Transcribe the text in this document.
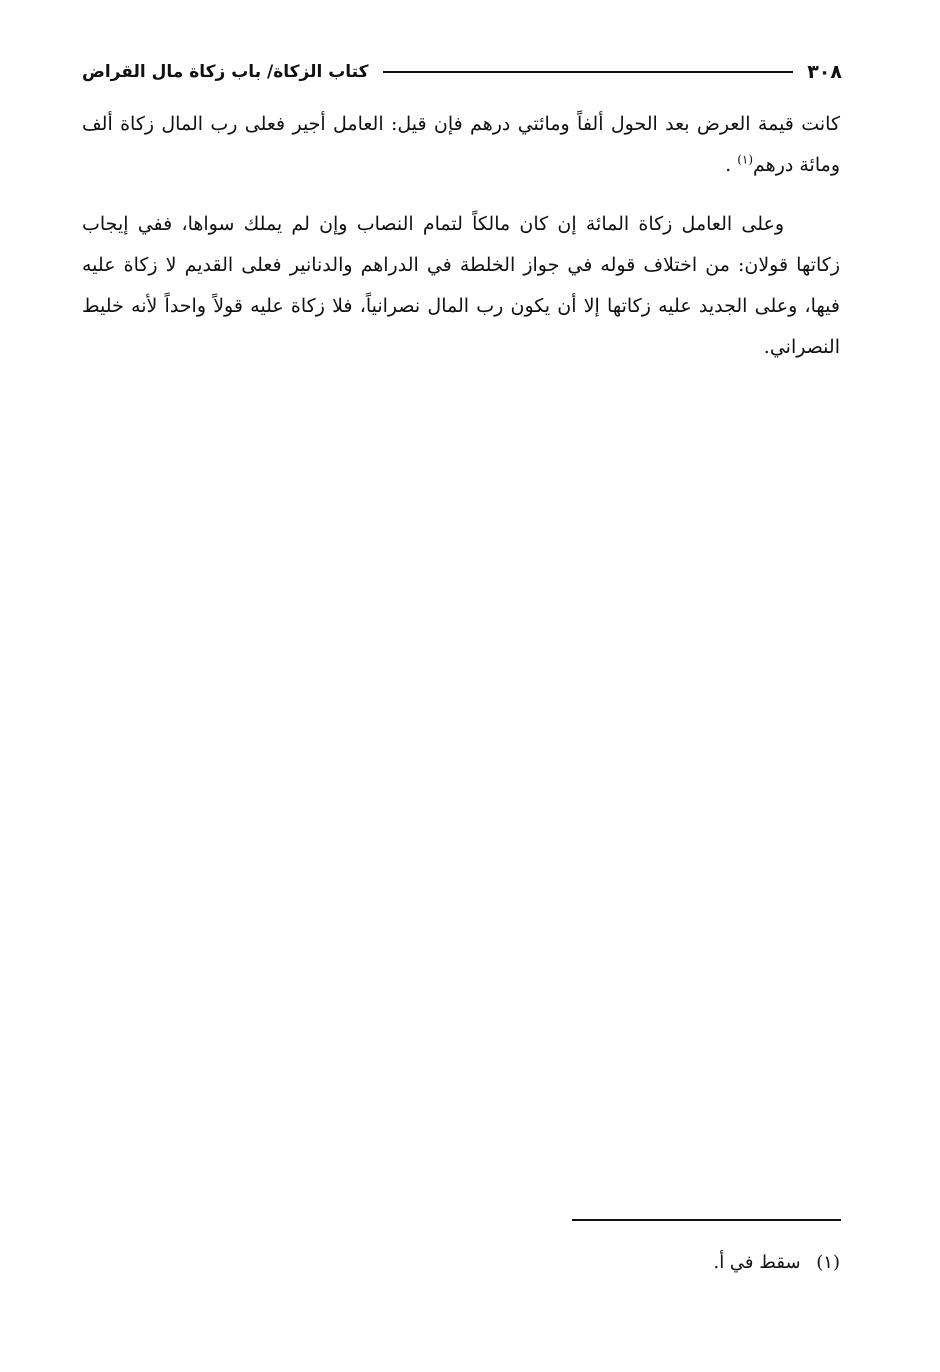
٣٠٨
كتاب الزكاة/ باب زكاة مال القراض

كانت قيمة العرض بعد الحول ألفاً ومائتي درهم فإن قيل: العامل أجير فعلى رب المال زكاة ألف ومائة درهم$^{(١)}$ .

وعلى العامل زكاة المائة إن كان مالكاً لتمام النصاب وإن لم يملك سواها، ففي إيجاب زكاتها قولان: من اختلاف قوله في جواز الخلطة في الدراهم والدنانير فعلى القديم لا زكاة عليه فيها، وعلى الجديد عليه زكاتها إلا أن يكون رب المال نصرانياً، فلا زكاة عليه قولاً واحداً لأنه خليط النصراني.

(١) سقط في أ.
